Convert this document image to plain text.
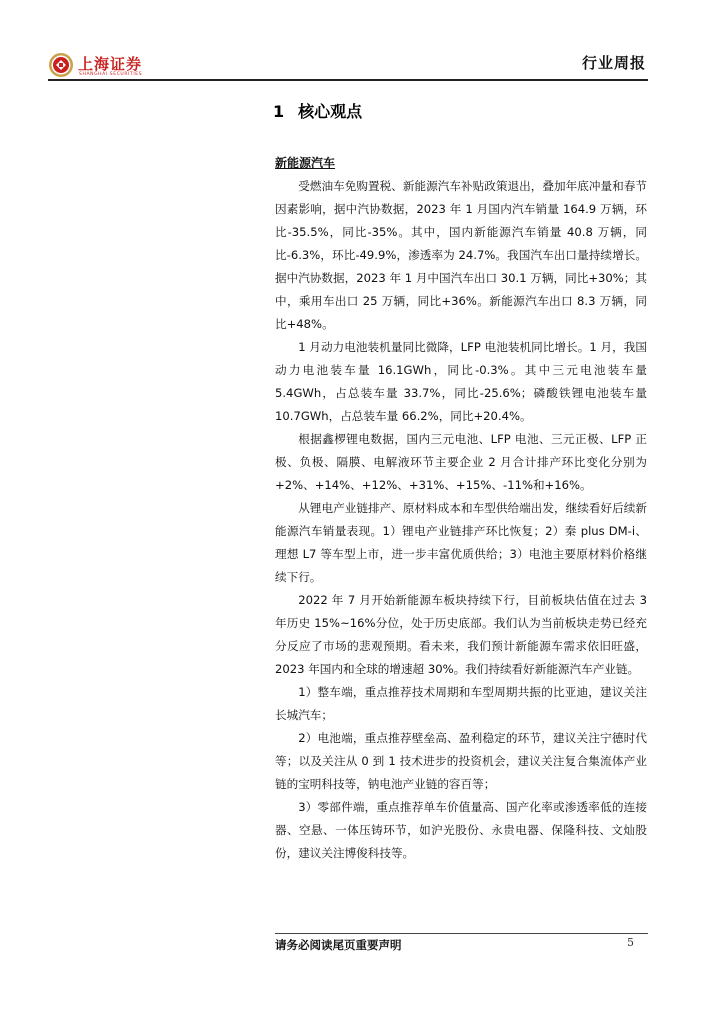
上海证券
SHANGHAI SECURITIES
行业周报
1 核心观点
新能源汽车

受燃油车免购置税、新能源汽车补贴政策退出，叠加年底冲量和春节因素影响，据中汽协数据，2023 年 1 月国内汽车销量 164.9 万辆，环比-35.5%，同比-35%。其中，国内新能源汽车销量 40.8 万辆，同比-6.3%，环比-49.9%，渗透率为 24.7%。我国汽车出口量持续增长。据中汽协数据，2023 年 1 月中国汽车出口 30.1 万辆，同比+30%；其中，乘用车出口 25 万辆，同比+36%。新能源汽车出口 8.3 万辆，同比+48%。

1 月动力电池装机量同比微降，LFP 电池装机同比增长。1 月，我国动力电池装车量 16.1GWh，同比-0.3%。其中三元电池装车量 5.4GWh，占总装车量 33.7%，同比-25.6%；磷酸铁锂电池装车量 10.7GWh，占总装车量 66.2%，同比+20.4%。

根据鑫椤锂电数据，国内三元电池、LFP 电池、三元正极、LFP 正极、负极、隔膜、电解液环节主要企业 2 月合计排产环比变化分别为+2%、+14%、+12%、+31%、+15%、-11%和+16%。

从锂电产业链排产、原材料成本和车型供给端出发，继续看好后续新能源汽车销量表现。1）锂电产业链排产环比恢复；2）秦 plus DM-i、理想 L7 等车型上市，进一步丰富优质供给；3）电池主要原材料价格继续下行。

2022 年 7 月开始新能源车板块持续下行，目前板块估值在过去 3 年历史 15%~16%分位，处于历史底部。我们认为当前板块走势已经充分反应了市场的悲观预期。看未来，我们预计新能源车需求依旧旺盛，2023 年国内和全球的增速超 30%。我们持续看好新能源汽车产业链。

1）整车端，重点推荐技术周期和车型周期共振的比亚迪，建议关注长城汽车；

2）电池端，重点推荐壁垒高、盈利稳定的环节，建议关注宁德时代等；以及关注从 0 到 1 技术进步的投资机会，建议关注复合集流体产业链的宝明科技等，钠电池产业链的容百等；

3）零部件端，重点推荐单车价值量高、国产化率或渗透率低的连接器、空悬、一体压铸环节，如沪光股份、永贵电器、保隆科技、文灿股份，建议关注博俊科技等。

请务必阅读尾页重要声明	5
